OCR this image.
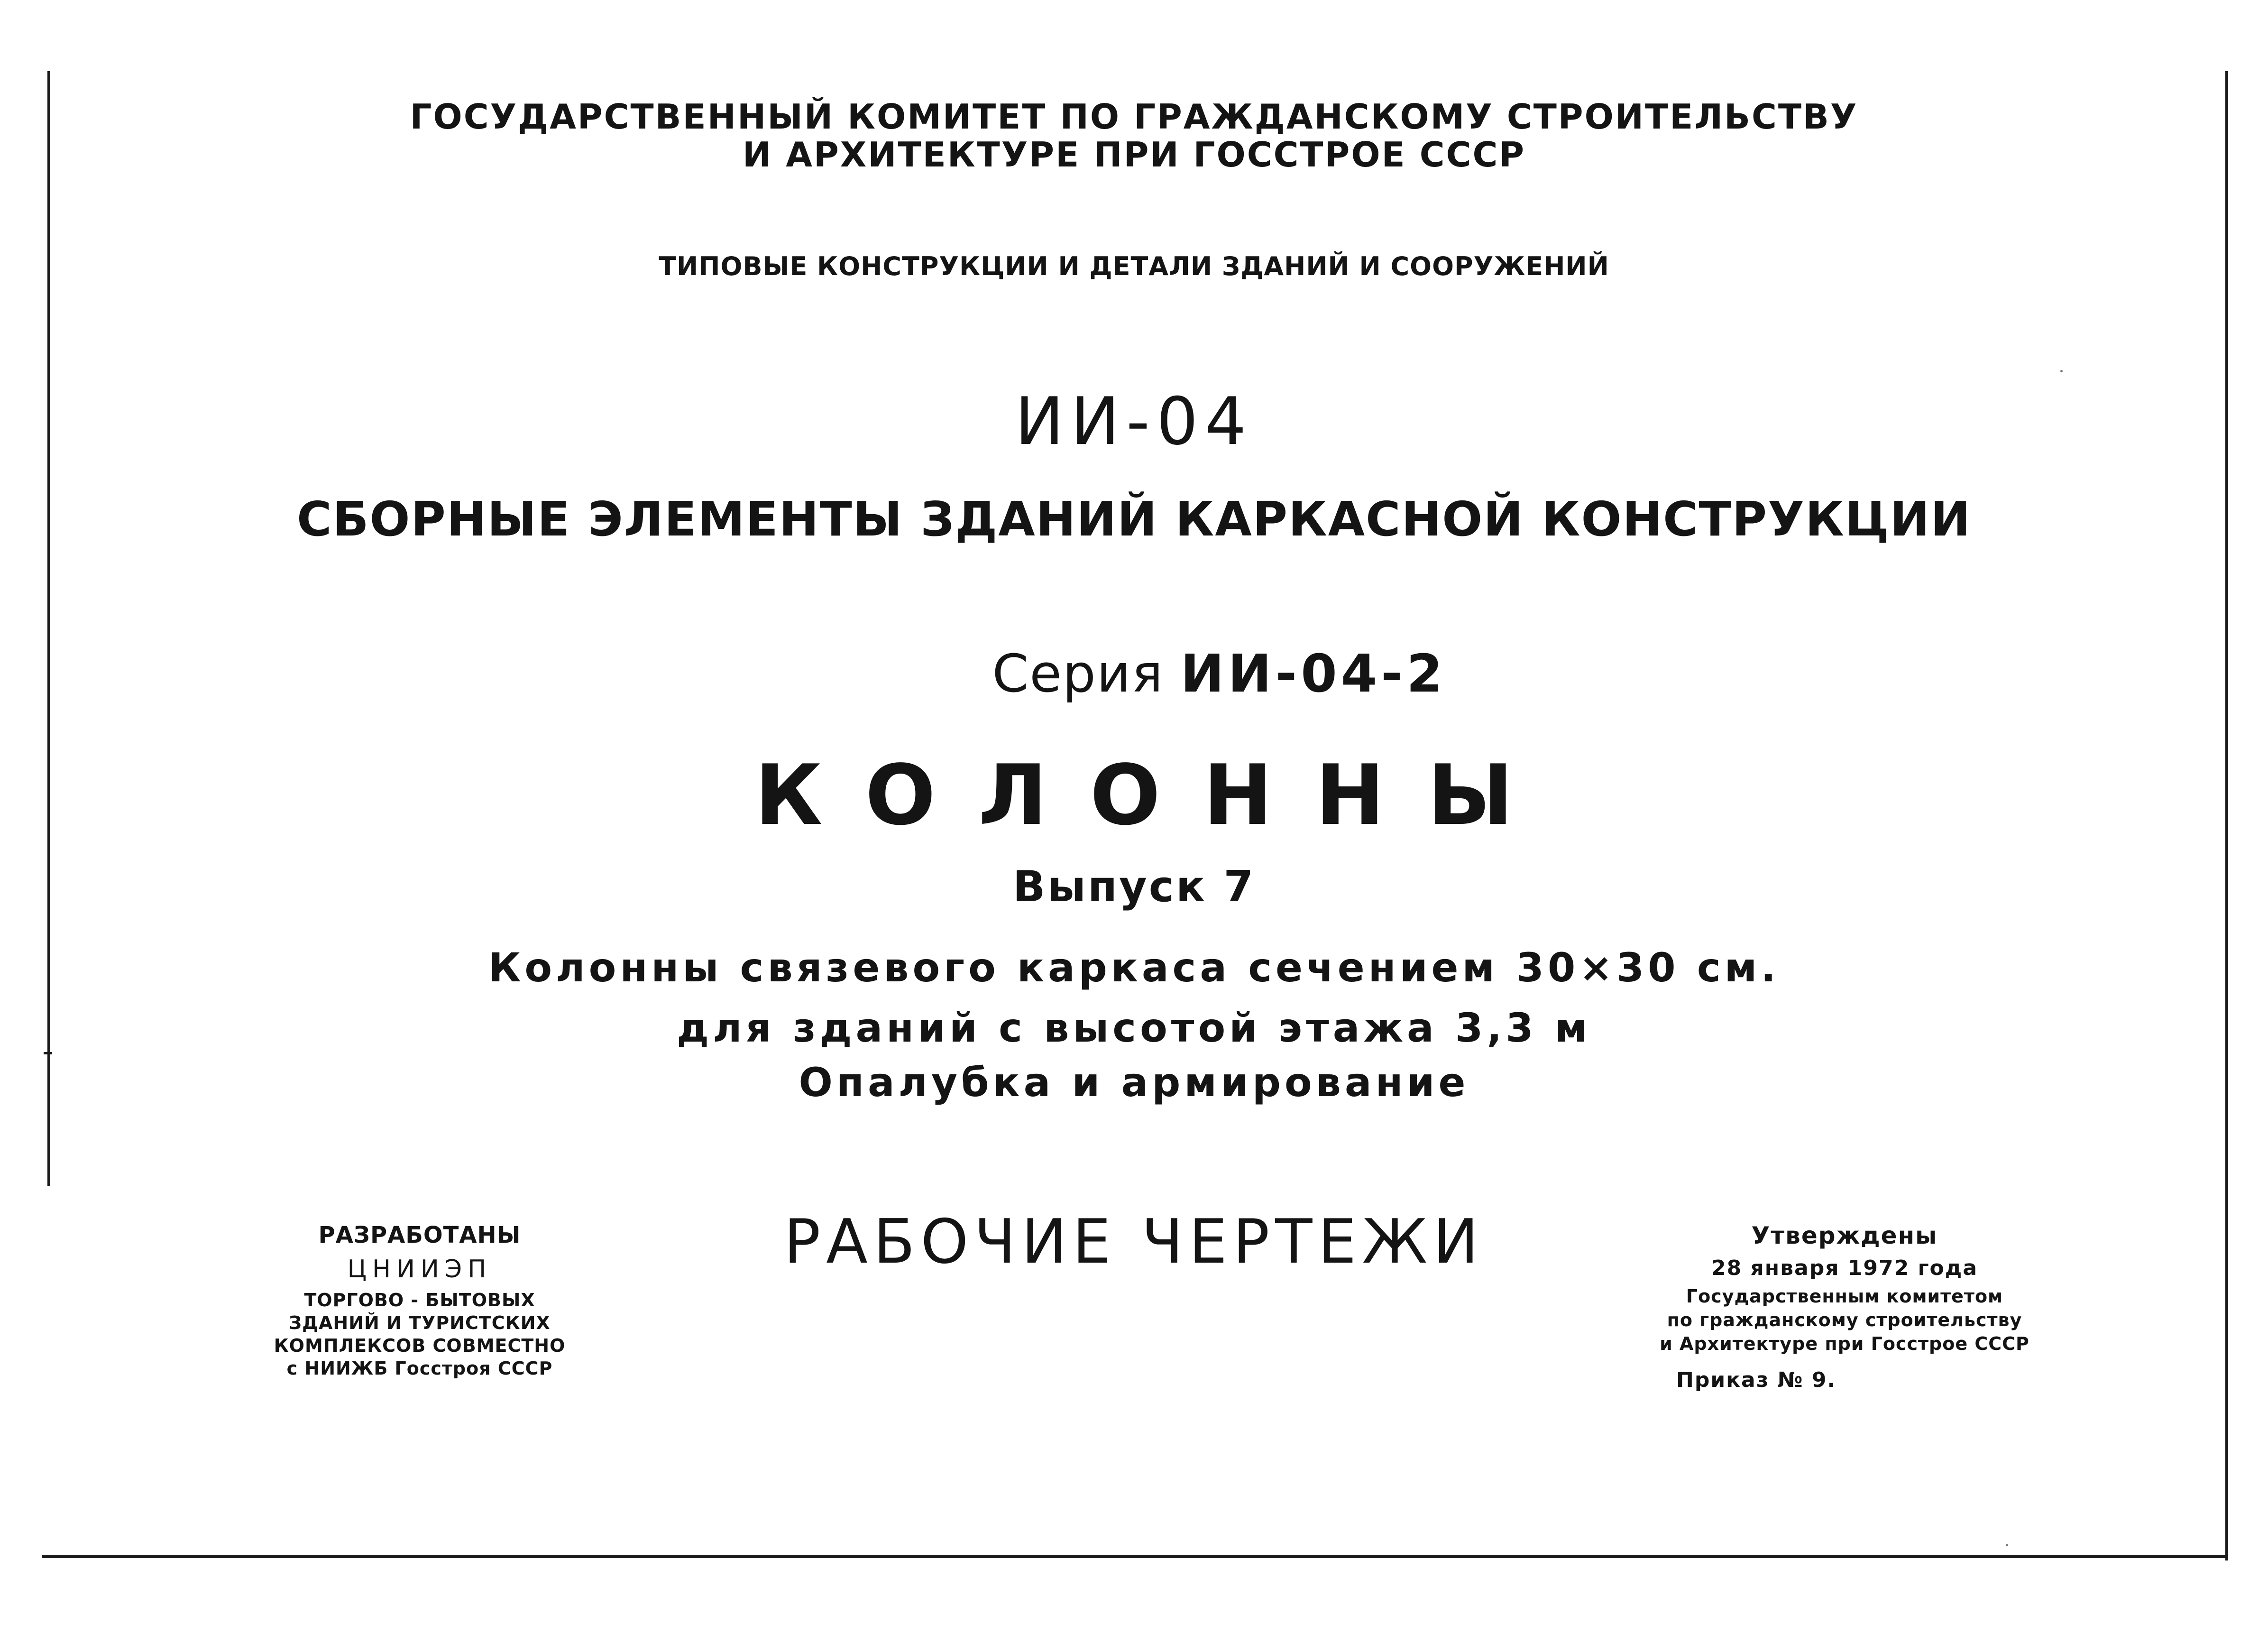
ГОСУДАРСТВЕННЫЙ КОМИТЕТ ПО ГРАЖДАНСКОМУ СТРОИТЕЛЬСТВУ
И АРХИТЕКТУРЕ ПРИ ГОССТРОЕ СССР
ТИПОВЫЕ КОНСТРУКЦИИ И ДЕТАЛИ ЗДАНИЙ И СООРУЖЕНИЙ
ИИ-04
СБОРНЫЕ ЭЛЕМЕНТЫ ЗДАНИЙ КАРКАСНОЙ КОНСТРУКЦИИ
Серия ИИ-04-2
КОЛОННЫ
Выпуск 7
Колонны связевого каркаса сечением 30×30 см.
для зданий с высотой этажа 3,3 м
Опалубка и армирование
РАБОЧИЕ ЧЕРТЕЖИ
РАЗРАБОТАНЫ
ЦНИИЭП
ТОРГОВО - БЫТОВЫХ
ЗДАНИЙ И ТУРИСТСКИХ
КОМПЛЕКСОВ СОВМЕСТНО
с НИИЖБ Госстроя СССР
Утверждены
28 января 1972 года
Государственным комитетом
по гражданскому строительству
и Архитектуре при Госстрое СССР
Приказ № 9.
